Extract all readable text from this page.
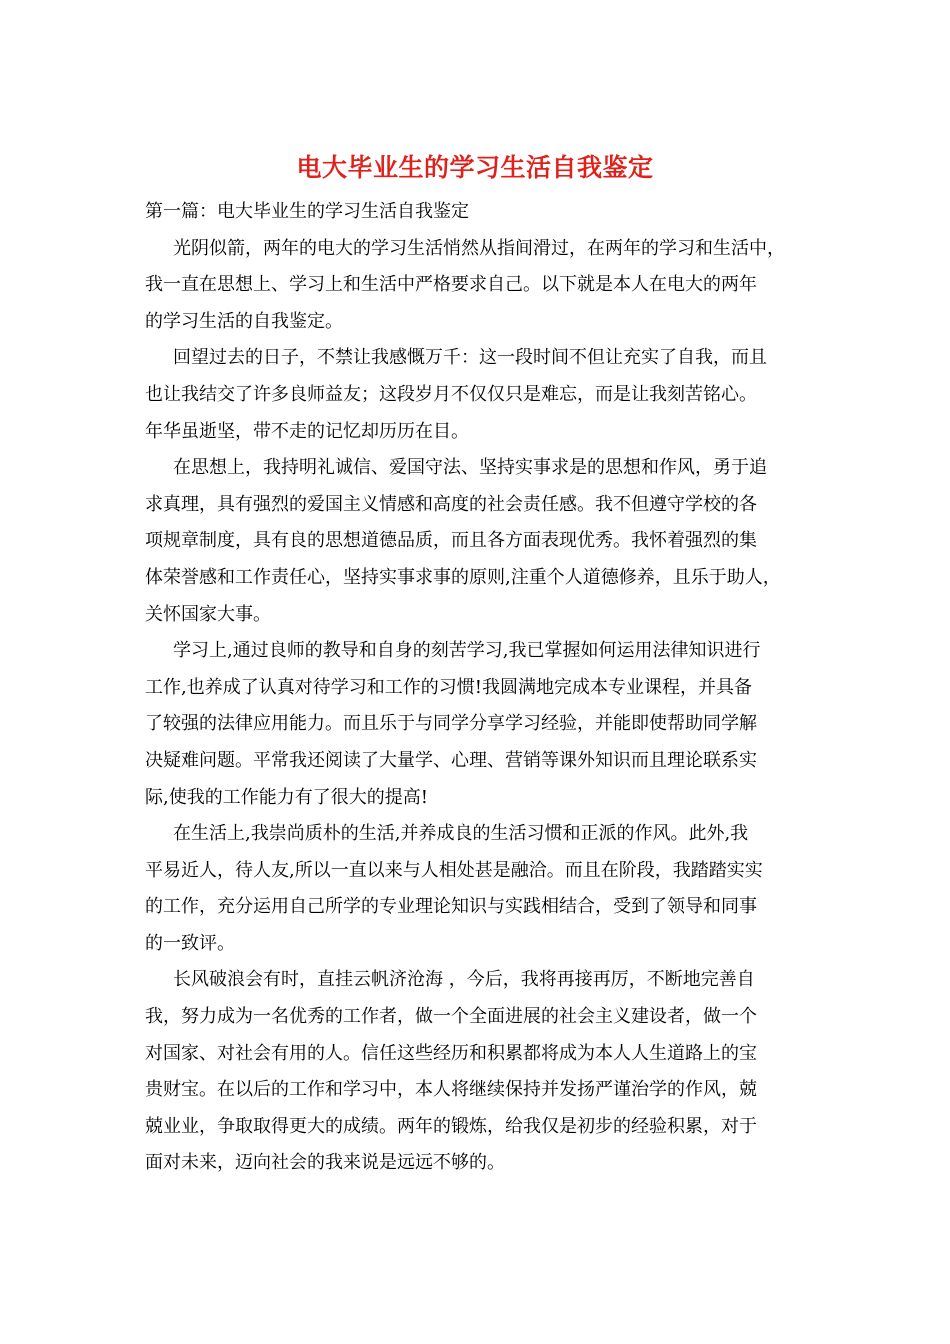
电大毕业生的学习生活自我鉴定

第一篇：电大毕业生的学习生活自我鉴定

光阴似箭，两年的电大的学习生活悄然从指间滑过，在两年的学习和生活中，
我一直在思想上、学习上和生活中严格要求自己。以下就是本人在电大的两年
的学习生活的自我鉴定。

回望过去的日子，不禁让我感慨万千：这一段时间不但让充实了自我，而且
也让我结交了许多良师益友；这段岁月不仅仅只是难忘，而是让我刻苦铭心。
年华虽逝坚，带不走的记忆却历历在目。

在思想上，我持明礼诚信、爱国守法、坚持实事求是的思想和作风，勇于追
求真理，具有强烈的爱国主义情感和高度的社会责任感。我不但遵守学校的各
项规章制度，具有良的思想道德品质，而且各方面表现优秀。我怀着强烈的集
体荣誉感和工作责任心，坚持实事求事的原则,注重个人道德修养，且乐于助人，
关怀国家大事。

学习上,通过良师的教导和自身的刻苦学习,我已掌握如何运用法律知识进行
工作,也养成了认真对待学习和工作的习惯!我圆满地完成本专业课程，并具备
了较强的法律应用能力。而且乐于与同学分享学习经验，并能即使帮助同学解
决疑难问题。平常我还阅读了大量学、心理、营销等课外知识而且理论联系实
际,使我的工作能力有了很大的提高!

在生活上,我崇尚质朴的生活,并养成良的生活习惯和正派的作风。此外,我
平易近人，待人友,所以一直以来与人相处甚是融洽。而且在阶段，我踏踏实实
的工作，充分运用自己所学的专业理论知识与实践相结合，受到了领导和同事
的一致评。

长风破浪会有时，直挂云帆济沧海 ，今后，我将再接再厉，不断地完善自
我，努力成为一名优秀的工作者，做一个全面进展的社会主义建设者，做一个
对国家、对社会有用的人。信任这些经历和积累都将成为本人人生道路上的宝
贵财宝。在以后的工作和学习中，本人将继续保持并发扬严谨治学的作风，兢
兢业业，争取取得更大的成绩。两年的锻炼，给我仅是初步的经验积累，对于
面对未来，迈向社会的我来说是远远不够的。
